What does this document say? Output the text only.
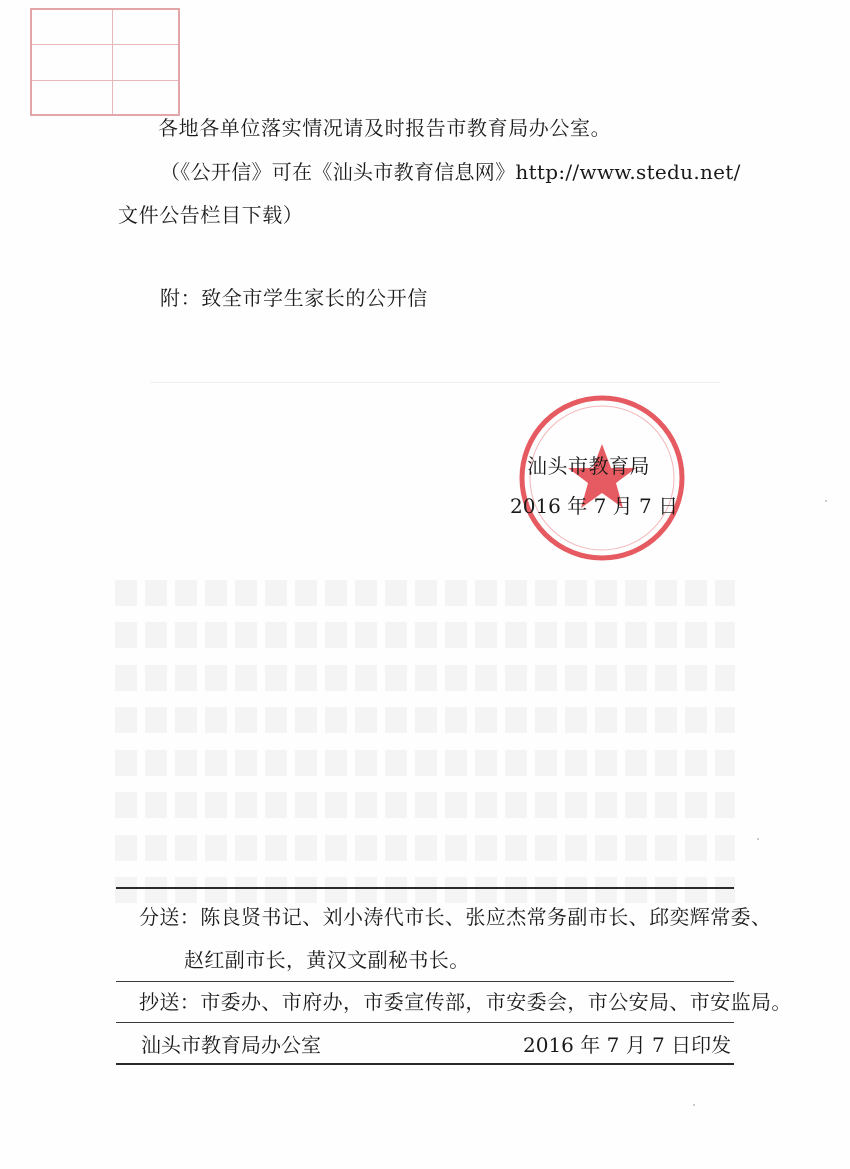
各地各单位落实情况请及时报告市教育局办公室。
（《公开信》可在《汕头市教育信息网》http://www.stedu.net/
文件公告栏目下载）
附：致全市学生家长的公开信
汕头市教育局
2016 年 7 月 7 日
分送：陈良贤书记、刘小涛代市长、张应杰常务副市长、邱奕辉常委、
赵红副市长，黄汉文副秘书长。
抄送：市委办、市府办，市委宣传部，市安委会，市公安局、市安监局。
汕头市教育局办公室	2016 年 7 月 7 日印发
